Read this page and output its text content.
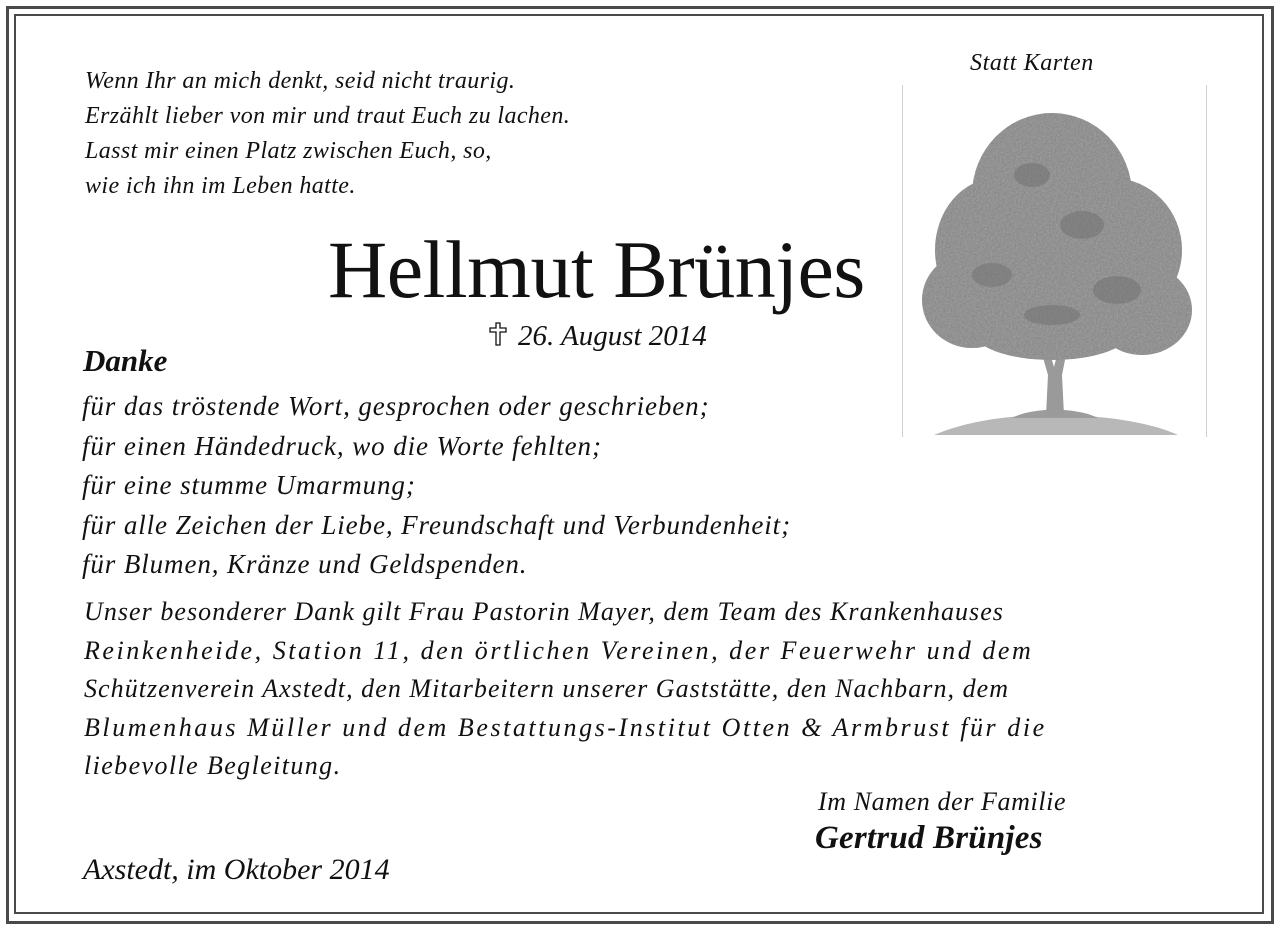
Wenn Ihr an mich denkt, seid nicht traurig.
Erzählt lieber von mir und traut Euch zu lachen.
Lasst mir einen Platz zwischen Euch, so,
wie ich ihn im Leben hatte.
Statt Karten
Hellmut Brünjes
26. August 2014
Danke
für das tröstende Wort, gesprochen oder geschrieben;
für einen Händedruck, wo die Worte fehlten;
für eine stumme Umarmung;
für alle Zeichen der Liebe, Freundschaft und Verbundenheit;
für Blumen, Kränze und Geldspenden.
Unser besonderer Dank gilt Frau Pastorin Mayer, dem Team des Krankenhauses
Reinkenheide, Station 11, den örtlichen Vereinen, der Feuerwehr und dem
Schützenverein Axstedt, den Mitarbeitern unserer Gaststätte, den Nachbarn, dem
Blumenhaus Müller und dem Bestattungs-Institut Otten & Armbrust für die
liebevolle Begleitung.
Im Namen der Familie
Gertrud Brünjes
Axstedt, im Oktober 2014
